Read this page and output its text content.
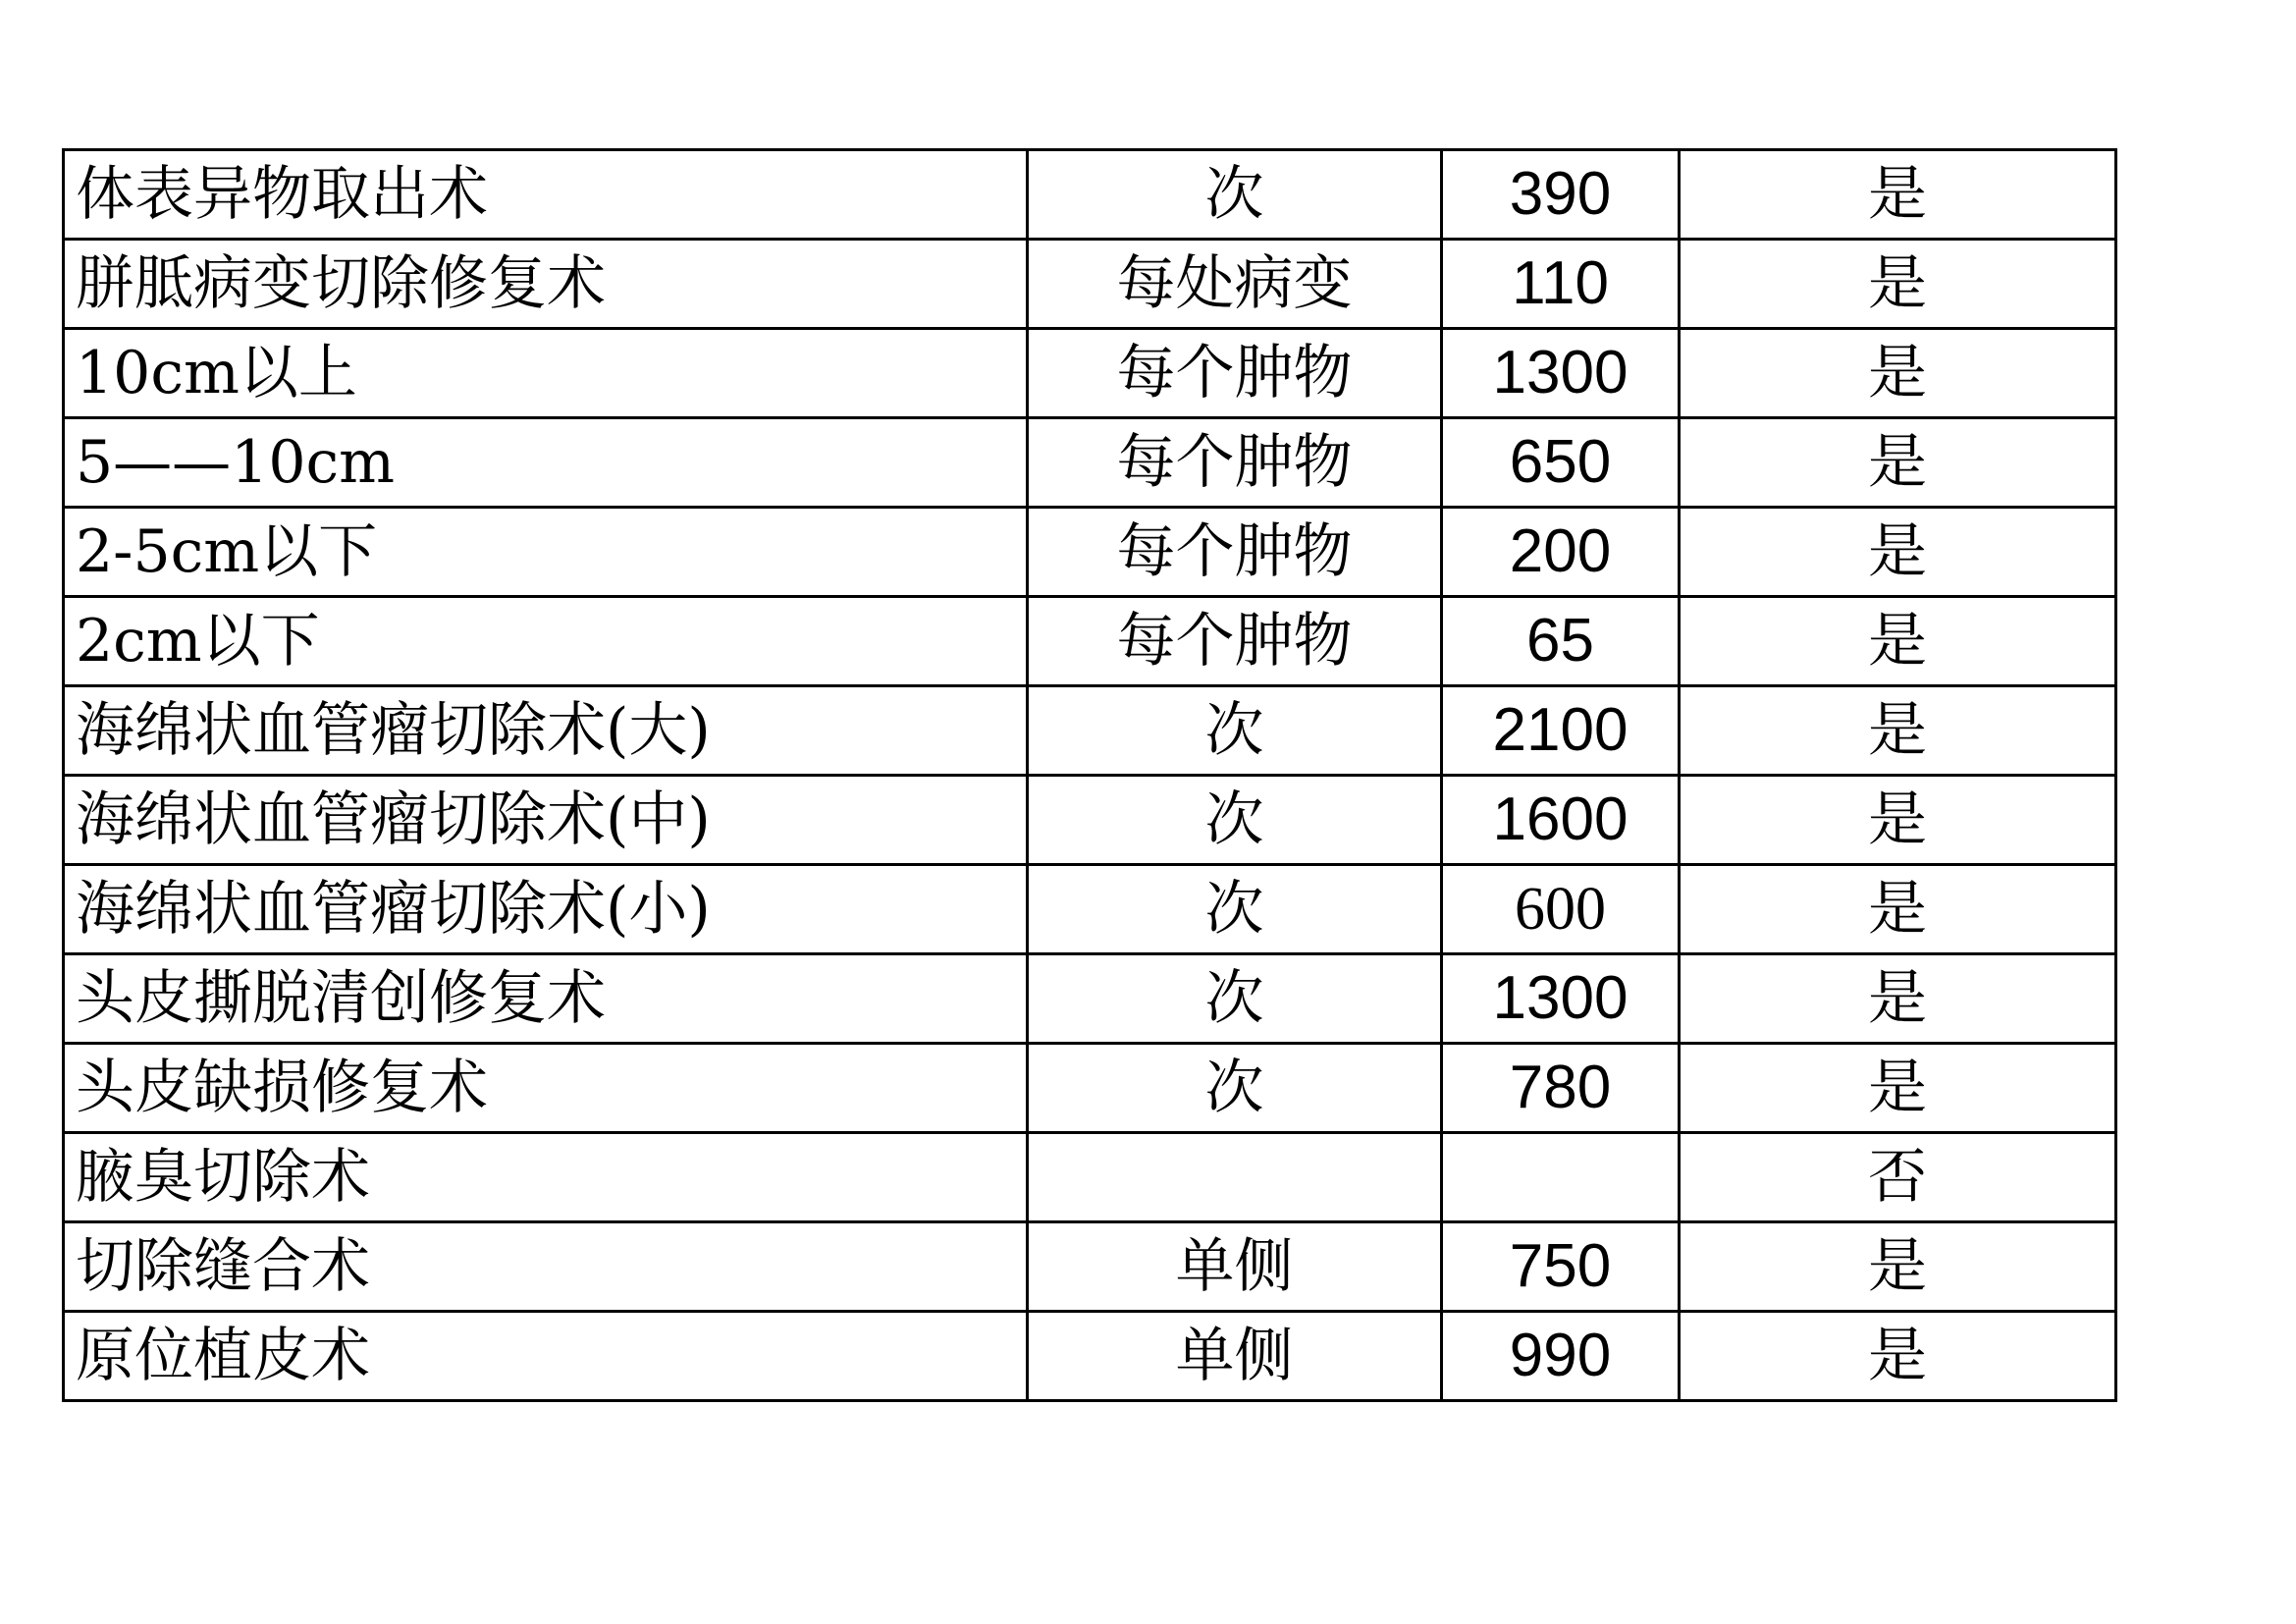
体表异物取出术	次	390	是
胼胝病变切除修复术	每处病变	110	是
10cm以上	每个肿物	1300	是
5——10cm	每个肿物	650	是
2-5cm以下	每个肿物	200	是
2cm以下	每个肿物	65	是
海绵状血管瘤切除术(大)	次	2100	是
海绵状血管瘤切除术(中)	次	1600	是
海绵状血管瘤切除术(小)	次	600	是
头皮撕脱清创修复术	次	1300	是
头皮缺损修复术	次	780	是
腋臭切除术			否
切除缝合术	单侧	750	是
原位植皮术	单侧	990	是
